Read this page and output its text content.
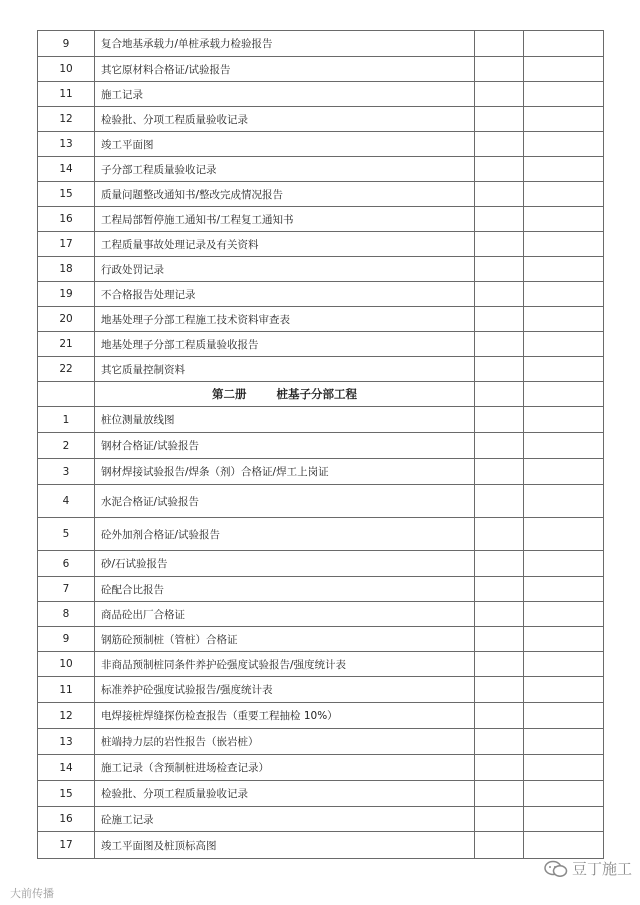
9	复合地基承载力/单桩承载力检验报告		
10	其它原材料合格证/试验报告		
11	施工记录		
12	检验批、分项工程质量验收记录		
13	竣工平面图		
14	子分部工程质量验收记录		
15	质量问题整改通知书/整改完成情况报告		
16	工程局部暂停施工通知书/工程复工通知书		
17	工程质量事故处理记录及有关资料		
18	行政处罚记录		
19	不合格报告处理记录		
20	地基处理子分部工程施工技术资料审查表		
21	地基处理子分部工程质量验收报告		
22	其它质量控制资料		
	第二册 桩基子分部工程		
1	桩位测量放线图		
2	钢材合格证/试验报告		
3	钢材焊接试验报告/焊条（剂）合格证/焊工上岗证		
4	水泥合格证/试验报告		
5	砼外加剂合格证/试验报告		
6	砂/石试验报告		
7	砼配合比报告		
8	商品砼出厂合格证		
9	钢筋砼预制桩（管桩）合格证		
10	非商品预制桩同条件养护砼强度试验报告/强度统计表		
11	标准养护砼强度试验报告/强度统计表		
12	电焊接桩焊缝探伤检查报告（重要工程抽检 10%）		
13	桩端持力层的岩性报告（嵌岩桩）		
14	施工记录（含预制桩进场检查记录）		
15	检验批、分项工程质量验收记录		
16	砼施工记录		
17	竣工平面图及桩顶标高图		
大前传播
豆丁施工
